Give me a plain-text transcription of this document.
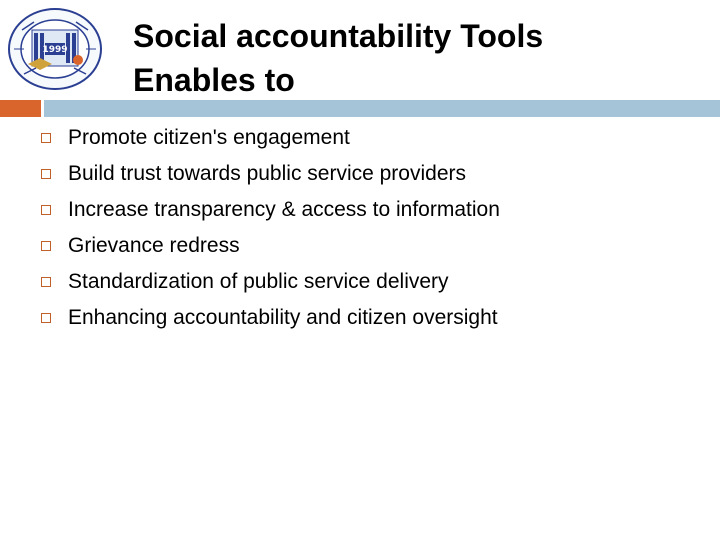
1999 Social accountability Tools
Enables to
Promote citizen's engagement
Build trust towards public service providers
Increase transparency & access to information
Grievance redress
Standardization of public service delivery
Enhancing accountability and citizen oversight
